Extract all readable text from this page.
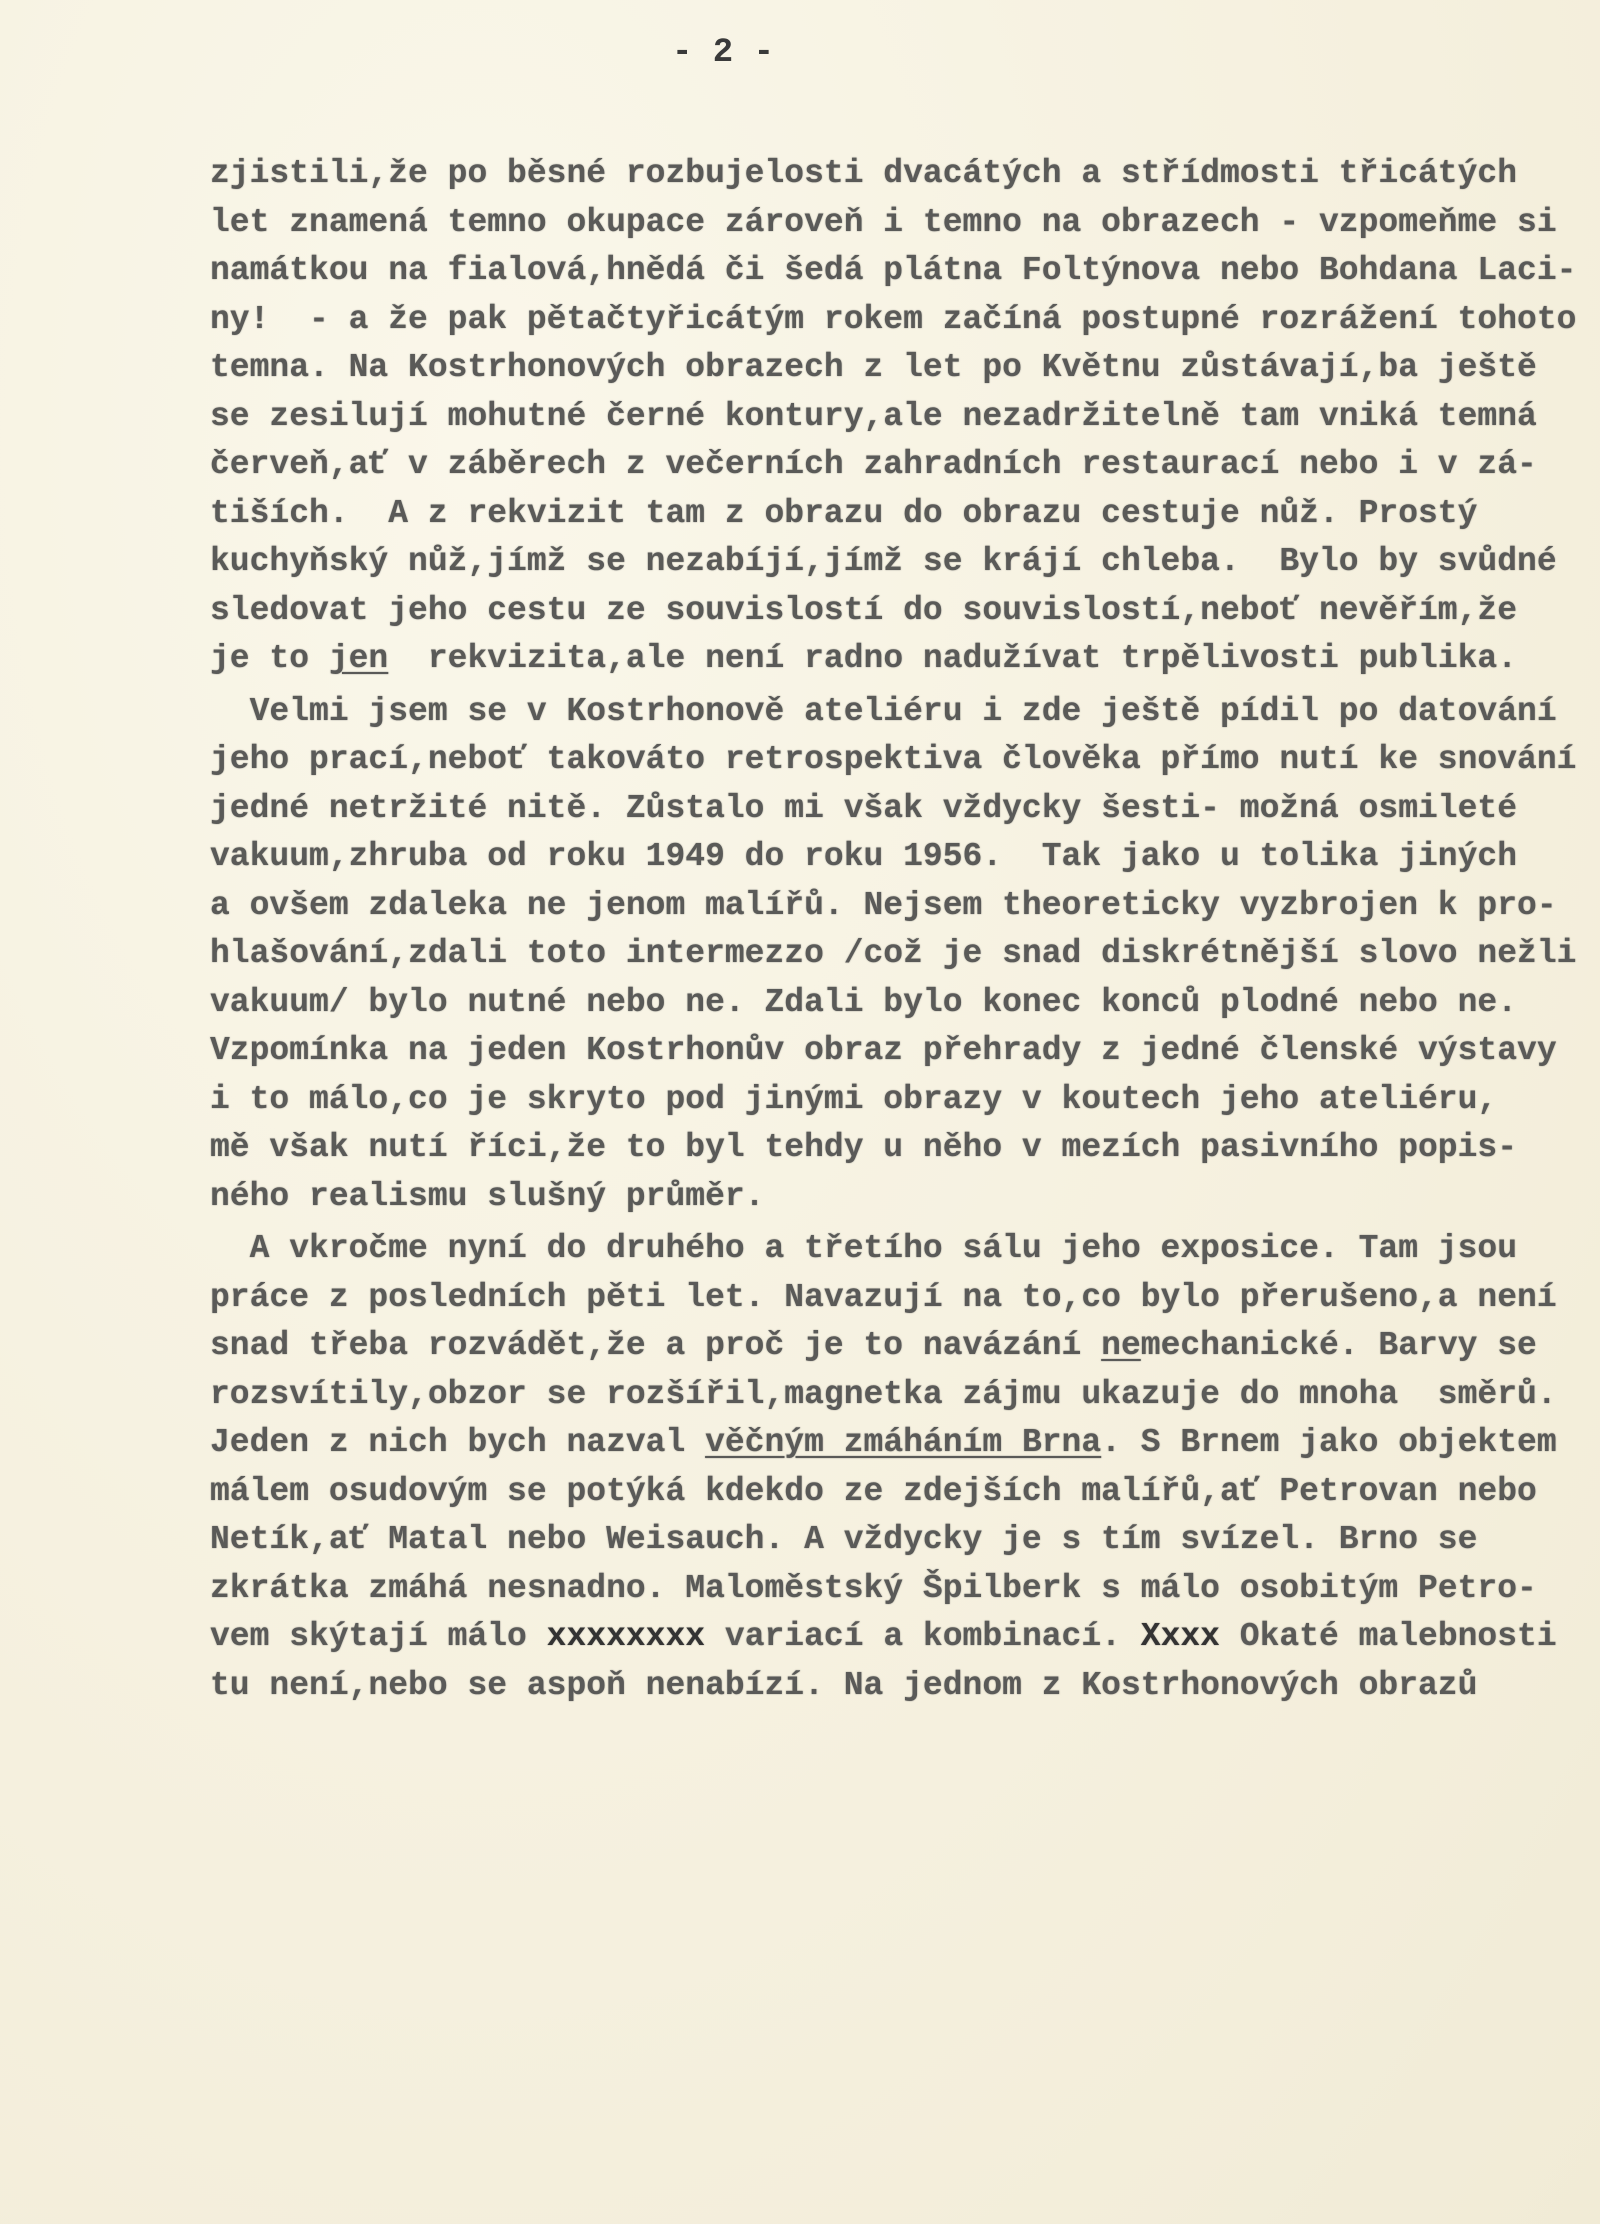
- 2 -
zjistili,že po běsné rozbujelosti dvacátých a střídmosti třicátých
let znamená temno okupace zároveň i temno na obrazech - vzpomeňme si
namátkou na fialová,hnědá či šedá plátna Foltýnova nebo Bohdana Laci-
ny!  - a že pak pětačtyřicátým rokem začíná postupné rozrážení tohoto
temna. Na Kostrhonových obrazech z let po Květnu zůstávají,ba ještě
se zesilují mohutné černé kontury,ale nezadržitelně tam vniká temná
červeň,ať v záběrech z večerních zahradních restaurací nebo i v zá-
tiších.  A z rekvizit tam z obrazu do obrazu cestuje nůž. Prostý
kuchyňský nůž,jímž se nezabíjí,jímž se krájí chleba.  Bylo by svůdné
sledovat jeho cestu ze souvislostí do souvislostí,neboť nevěřím,že
je to jen  rekvizita,ale není radno nadužívat trpělivosti publika.
Velmi jsem se v Kostrhonově ateliéru i zde ještě pídil po datování
jeho prací,neboť takováto retrospektiva člověka přímo nutí ke snování
jedné netržité nitě. Zůstalo mi však vždycky šesti- možná osmileté
vakuum,zhruba od roku 1949 do roku 1956.  Tak jako u tolika jiných
a ovšem zdaleka ne jenom malířů. Nejsem theoreticky vyzbrojen k pro-
hlašování,zdali toto intermezzo /což je snad diskrétnější slovo nežli
vakuum/ bylo nutné nebo ne. Zdali bylo konec konců plodné nebo ne.
Vzpomínka na jeden Kostrhonův obraz přehrady z jedné členské výstavy
i to málo,co je skryto pod jinými obrazy v koutech jeho ateliéru,
mě však nutí říci,že to byl tehdy u něho v mezích pasivního popis-
ného realismu slušný průměr.
A vkročme nyní do druhého a třetího sálu jeho exposice. Tam jsou
práce z posledních pěti let. Navazují na to,co bylo přerušeno,a není
snad třeba rozvádět,že a proč je to navázání nemechanické. Barvy se
rozsvítily,obzor se rozšířil,magnetka zájmu ukazuje do mnoha  směrů.
Jeden z nich bych nazval věčným zmáháním Brna. S Brnem jako objektem
málem osudovým se potýká kdekdo ze zdejších malířů,ať Petrovan nebo
Netík,ať Matal nebo Weisauch. A vždycky je s tím svízel. Brno se
zkrátka zmáhá nesnadno. Maloměstský Špilberk s málo osobitým Petro-
vem skýtají málo xxxxxxxx variací a kombinací. Xxxx Okaté malebnosti
tu není,nebo se aspoň nenabízí. Na jednom z Kostrhonových obrazů
